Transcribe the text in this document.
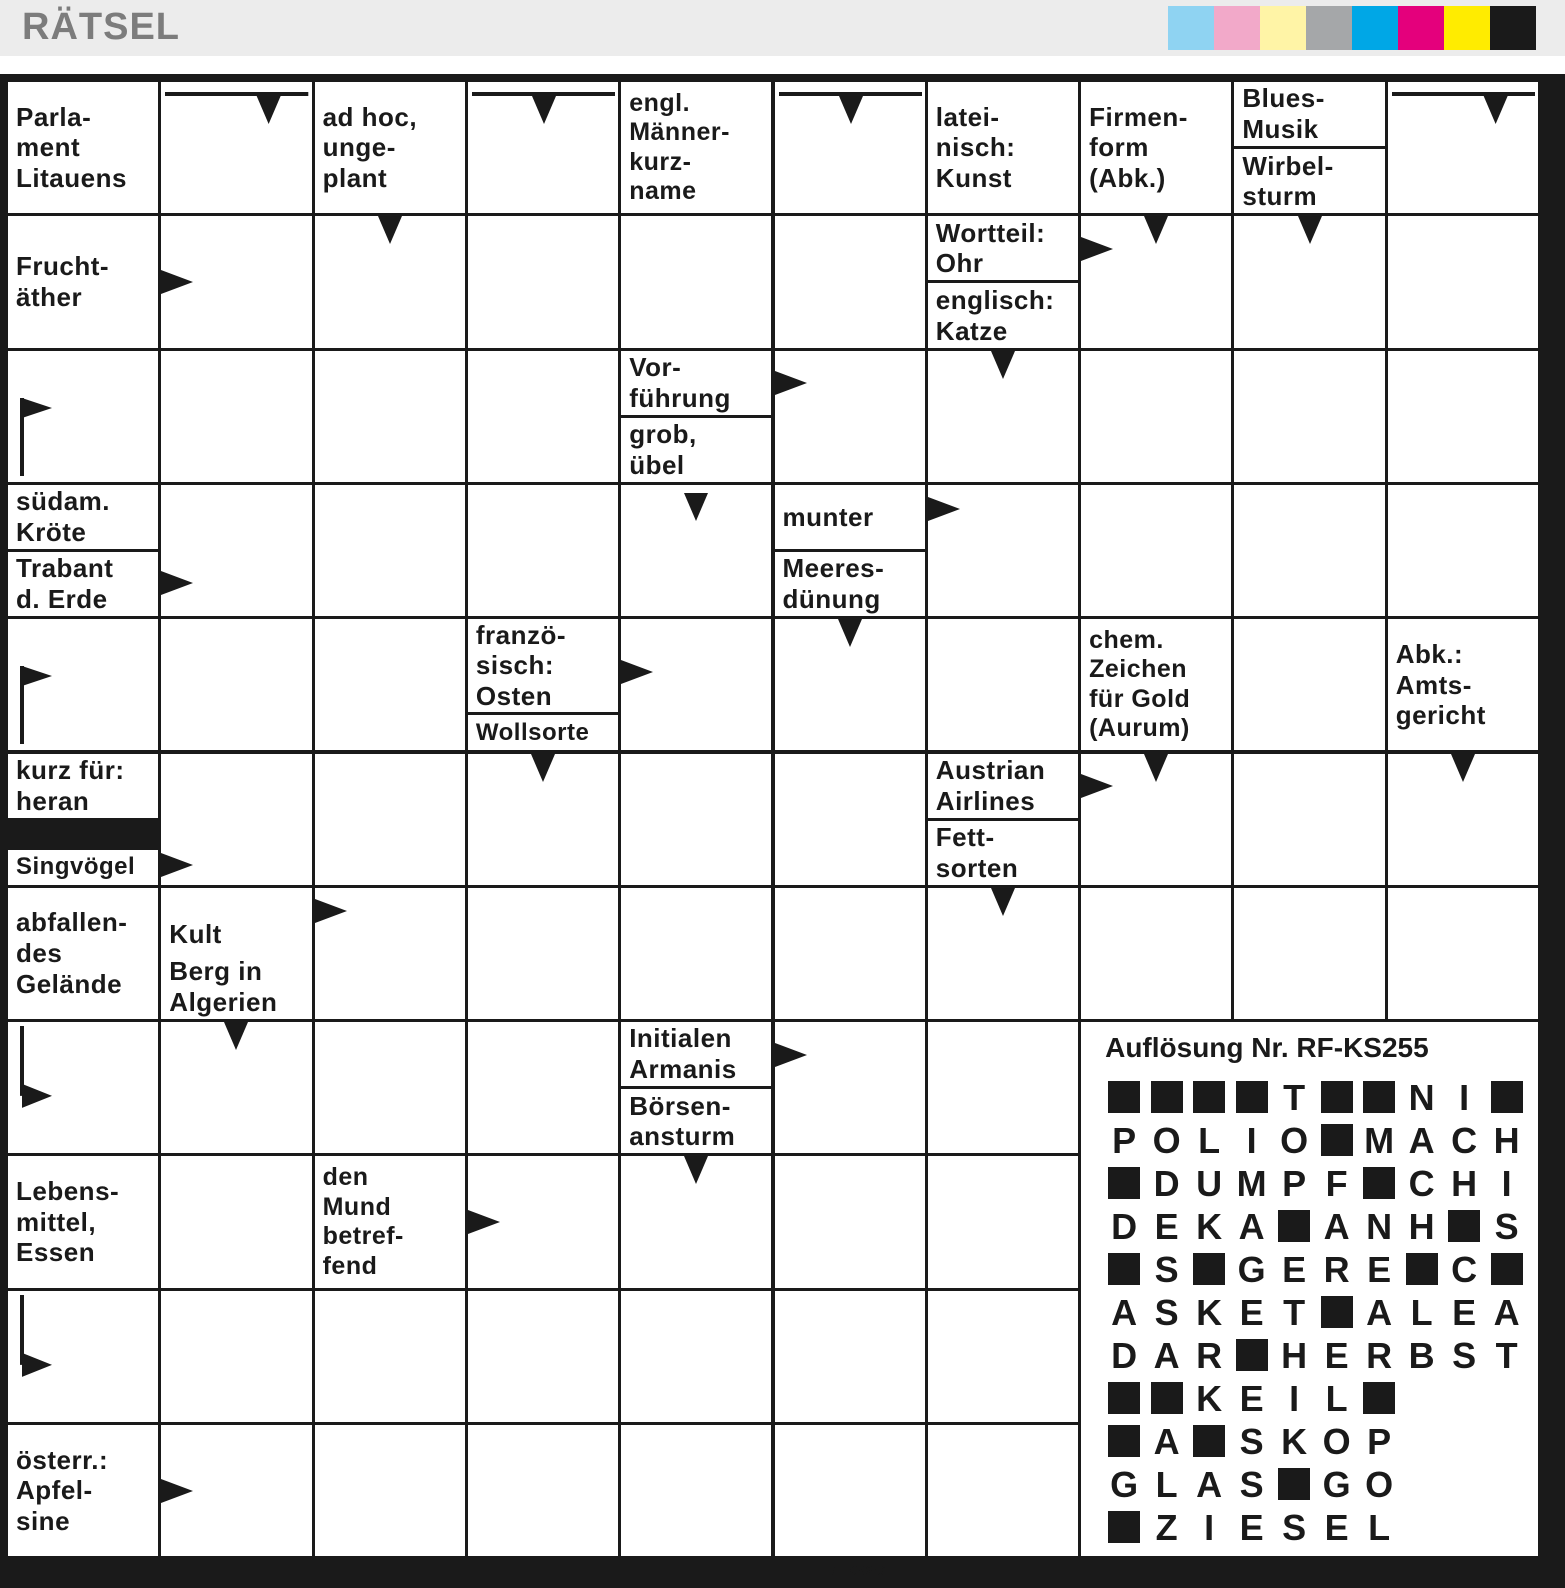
RÄTSEL
Auflösung Nr. RF-KS255
T	N I
P O L I O M A C H
D U M P F C H I
D E K A A N H S
S G E R E C
A S K E T A L E A
D A R H E R B S T
K E I L
A S K O P
G L A S G O
Z I E S E L
Parla-
ment
Litauens
ad hoc,
unge-
plant
engl.
Männer-
kurz-
name
latei-
nisch:
Kunst
Firmen-
form
(Abk.)
Blues-
Musik
Wirbel-
sturm
Frucht-
äther
Wortteil:
Ohr
englisch:
Katze
Vor-
führung
grob,
übel
südam.
Kröte
Trabant
d. Erde
munter
Meeres-
dünung
franzö-
sisch:
Osten
Wollsorte
chem.
Zeichen
für Gold
(Aurum)
Abk.:
Amts-
gericht
kurz für:
heran
Singvögel
Austrian
Airlines
Fett-
sorten
abfallen-
des
Gelände
Kult
Berg in
Algerien
Initialen
Armanis
Börsen-
ansturm
Lebens-
mittel,
Essen
den
Mund
betref-
fend
österr.:
Apfel-
sine
RF-KS256
